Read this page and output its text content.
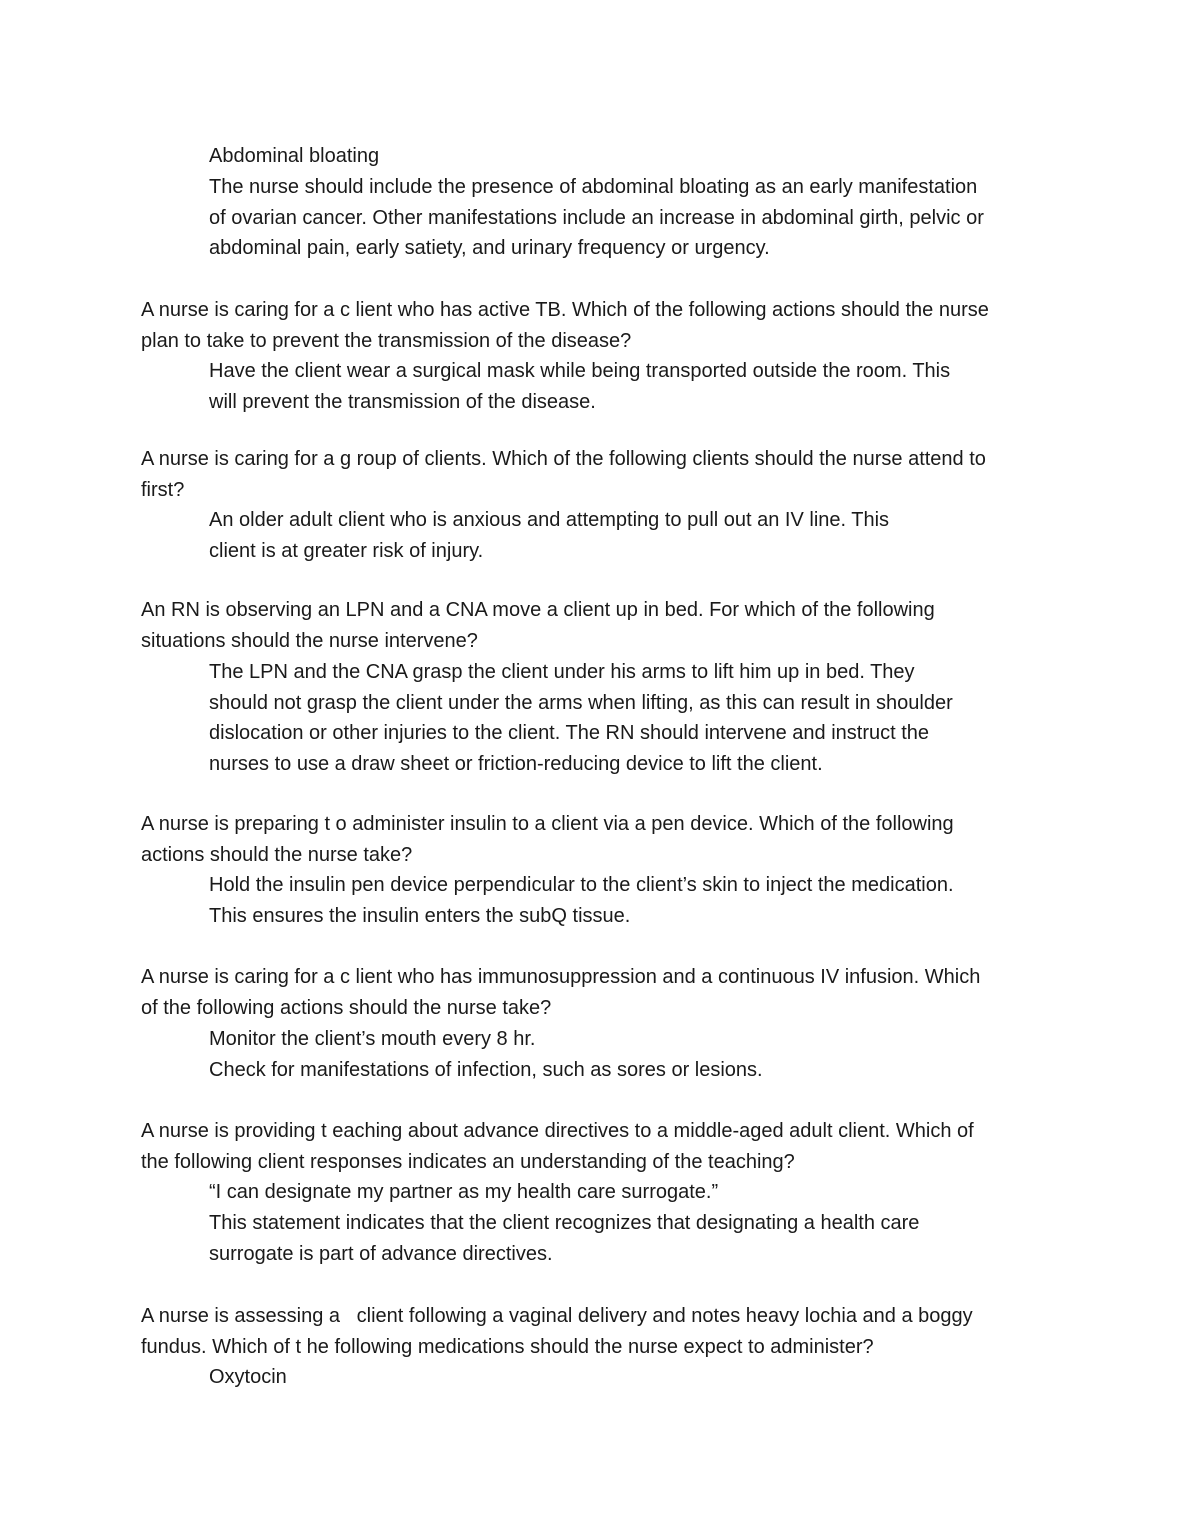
Abdominal bloating
The nurse should include the presence of abdominal bloating as an early manifestation
of ovarian cancer. Other manifestations include an increase in abdominal girth, pelvic or
abdominal pain, early satiety, and urinary frequency or urgency.
A nurse is caring for a c lient who has active TB. Which of the following actions should the nurse
plan to take to prevent the transmission of the disease?
Have the client wear a surgical mask while being transported outside the room. This
will prevent the transmission of the disease.
A nurse is caring for a g roup of clients. Which of the following clients should the nurse attend to
first?
An older adult client who is anxious and attempting to pull out an IV line. This
client is at greater risk of injury.
An RN is observing an LPN and a CNA move a client up in bed. For which of the following
situations should the nurse intervene?
The LPN and the CNA grasp the client under his arms to lift him up in bed. They
should not grasp the client under the arms when lifting, as this can result in shoulder
dislocation or other injuries to the client. The RN should intervene and instruct the
nurses to use a draw sheet or friction-reducing device to lift the client.
A nurse is preparing t o administer insulin to a client via a pen device. Which of the following
actions should the nurse take?
Hold the insulin pen device perpendicular to the client’s skin to inject the medication.
This ensures the insulin enters the subQ tissue.
A nurse is caring for a c lient who has immunosuppression and a continuous IV infusion. Which
of the following actions should the nurse take?
Monitor the client’s mouth every 8 hr.
Check for manifestations of infection, such as sores or lesions.
A nurse is providing t eaching about advance directives to a middle-aged adult client. Which of
the following client responses indicates an understanding of the teaching?
“I can designate my partner as my health care surrogate.”
This statement indicates that the client recognizes that designating a health care
surrogate is part of advance directives.
A nurse is assessing a   client following a vaginal delivery and notes heavy lochia and a boggy
fundus. Which of t he following medications should the nurse expect to administer?
Oxytocin
